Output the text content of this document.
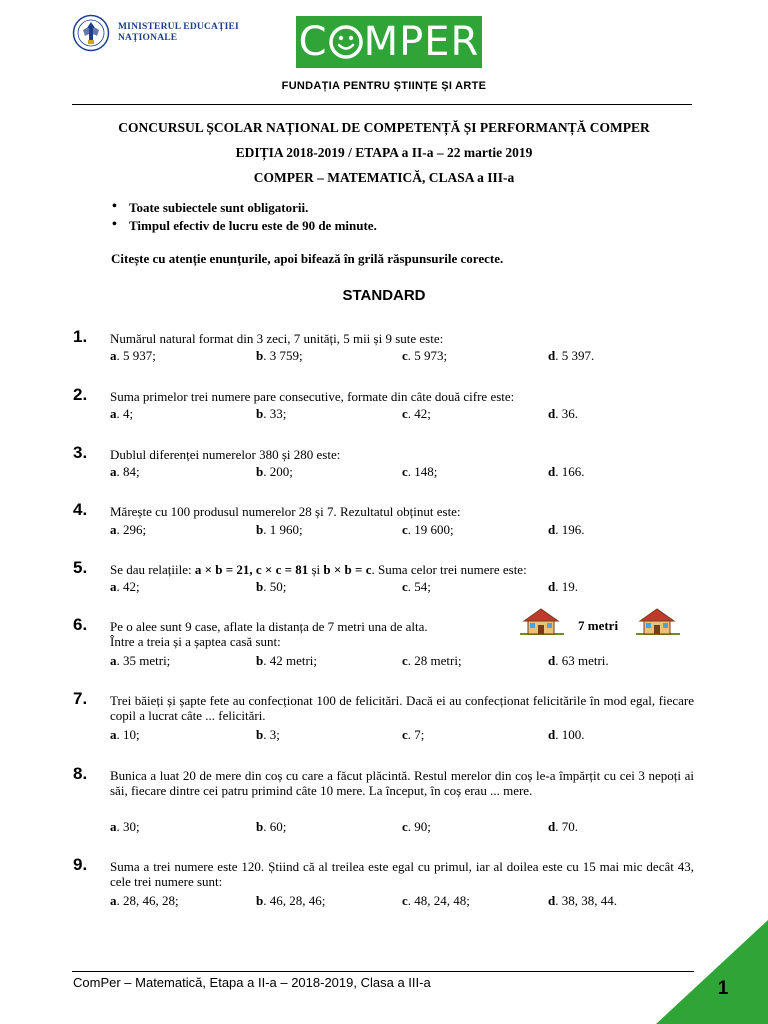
MINISTERUL EDUCAȚIEI
NAȚIONALE	C MPER
FUNDAȚIA PENTRU ȘTIINȚE ȘI ARTE
CONCURSUL ȘCOLAR NAȚIONAL DE COMPETENȚĂ ȘI PERFORMANȚĂ COMPER
EDIȚIA 2018-2019 / ETAPA a II-a – 22 martie 2019
COMPER – MATEMATICĂ, CLASA a III-a
• Toate subiectele sunt obligatorii.
• Timpul efectiv de lucru este de 90 de minute.
Citește cu atenție enunțurile, apoi bifează în grilă răspunsurile corecte.
STANDARD
1. Numărul natural format din 3 zeci, 7 unități, 5 mii și 9 sute este:
a. 5 937;	b. 3 759;	c. 5 973;	d. 5 397.
2. Suma primelor trei numere pare consecutive, formate din câte două cifre este:
a. 4;	b. 33;	c. 42;	d. 36.
3. Dublul diferenței numerelor 380 și 280 este:
a. 84;	b. 200;	c. 148;	d. 166.
4. Mărește cu 100 produsul numerelor 28 și 7. Rezultatul obținut este:
a. 296;	b. 1 960;	c. 19 600;	d. 196.
5. Se dau relațiile: a × b = 21, c × c = 81 și b × b = c. Suma celor trei numere este:
a. 42;	b. 50;	c. 54;	d. 19.
6. Pe o alee sunt 9 case, aflate la distanța de 7 metri una de alta.
Între a treia și a șaptea casă sunt:
7 metri
a. 35 metri;	b. 42 metri;	c. 28 metri;	d. 63 metri.
7. Trei băieți și șapte fete au confecționat 100 de felicitări. Dacă ei au confecționat felicitările în mod egal, fiecare copil a lucrat câte ... felicitări.
a. 10;	b. 3;	c. 7;	d. 100.
8. Bunica a luat 20 de mere din coș cu care a făcut plăcintă. Restul merelor din coș le-a împărțit cu cei 3 nepoți ai săi, fiecare dintre cei patru primind câte 10 mere. La început, în coș erau ... mere.
a. 30;	b. 60;	c. 90;	d. 70.
9. Suma a trei numere este 120. Știind că al treilea este egal cu primul, iar al doilea este cu 15 mai mic decât 43, cele trei numere sunt:
a. 28, 46, 28;	b. 46, 28, 46;	c. 48, 24, 48;	d. 38, 38, 44.
ComPer – Matematică, Etapa a II-a – 2018-2019, Clasa a III-a	1
